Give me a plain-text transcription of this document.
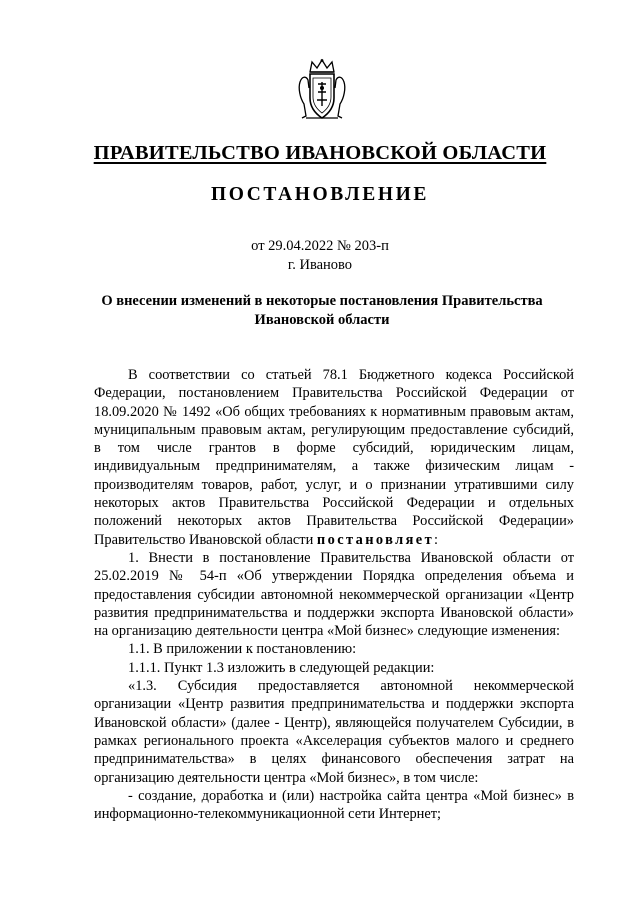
ПРАВИТЕЛЬСТВО ИВАНОВСКОЙ ОБЛАСТИ
ПОСТАНОВЛЕНИЕ
от 29.04.2022 № 203-п
г. Иваново
О внесении изменений в некоторые постановления Правительства Ивановской области

В соответствии со статьей 78.1 Бюджетного кодекса Российской Федерации, постановлением Правительства Российской Федерации от 18.09.2020 № 1492 «Об общих требованиях к нормативным правовым актам, муниципальным правовым актам, регулирующим предоставление субсидий, в том числе грантов в форме субсидий, юридическим лицам, индивидуальным предпринимателям, а также физическим лицам - производителям товаров, работ, услуг, и о признании утратившими силу некоторых актов Правительства Российской Федерации и отдельных положений некоторых актов Правительства Российской Федерации» Правительство Ивановской области постановляет:

1. Внести в постановление Правительства Ивановской области от 25.02.2019 № 54-п «Об утверждении Порядка определения объема и предоставления субсидии автономной некоммерческой организации «Центр развития предпринимательства и поддержки экспорта Ивановской области» на организацию деятельности центра «Мой бизнес» следующие изменения:

1.1. В приложении к постановлению:

1.1.1. Пункт 1.3 изложить в следующей редакции:

«1.3. Субсидия предоставляется автономной некоммерческой организации «Центр развития предпринимательства и поддержки экспорта Ивановской области» (далее - Центр), являющейся получателем Субсидии, в рамках регионального проекта «Акселерация субъектов малого и среднего предпринимательства» в целях финансового обеспечения затрат на организацию деятельности центра «Мой бизнес», в том числе:

- создание, доработка и (или) настройка сайта центра «Мой бизнес» в информационно-телекоммуникационной сети Интернет;
